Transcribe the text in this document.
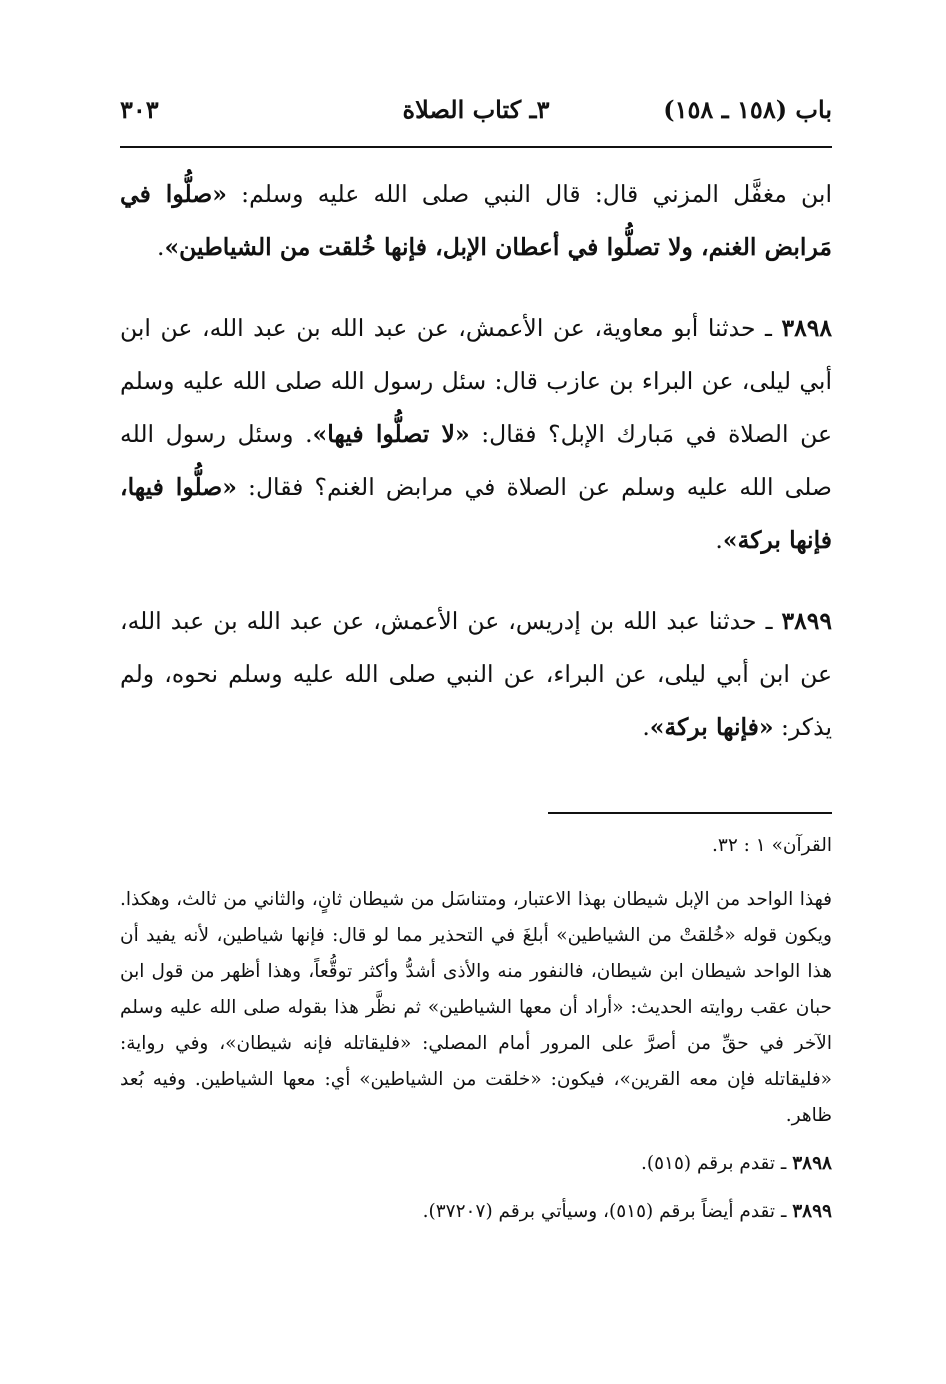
باب (١٥٨ ـ ١٥٨)
٣ـ كتاب الصلاة
٣٠٣

ابن مغفَّل المزني قال: قال النبي صلى الله عليه وسلم: «صلُّوا في مَرابض الغنم، ولا تصلُّوا في أعطان الإبل، فإنها خُلقت من الشياطين».

٣٨٩٨ ـ حدثنا أبو معاوية، عن الأعمش، عن عبد الله بن عبد الله، عن ابن أبي ليلى، عن البراء بن عازب قال: سئل رسول الله صلى الله عليه وسلم عن الصلاة في مَبارك الإبل؟ فقال: «لا تصلُّوا فيها». وسئل رسول الله صلى الله عليه وسلم عن الصلاة في مرابض الغنم؟ فقال: «صلُّوا فيها، فإنها بركة».

٣٨٩٩ ـ حدثنا عبد الله بن إدريس، عن الأعمش، عن عبد الله بن عبد الله، عن ابن أبي ليلى، عن البراء، عن النبي صلى الله عليه وسلم نحوه، ولم يذكر: «فإنها بركة».

القرآن» ١ : ٣٢.

فهذا الواحد من الإبل شيطان بهذا الاعتبار، ومتناسَل من شيطان ثانٍ، والثاني من ثالث، وهكذا. ويكون قوله «خُلقتْ من الشياطين» أبلغَ في التحذير مما لو قال: فإنها شياطين، لأنه يفيد أن هذا الواحد شيطان ابن شيطان، فالنفور منه والأذى أشدُّ وأكثر توقُّعاً، وهذا أظهر من قول ابن حبان عقب روايته الحديث: «أراد أن معها الشياطين» ثم نظَّر هذا بقوله صلى الله عليه وسلم الآخر في حقِّ من أصرَّ على المرور أمام المصلي: «فليقاتله فإنه شيطان»، وفي رواية: «فليقاتله فإن معه القرين»، فيكون: «خلقت من الشياطين» أي: معها الشياطين. وفيه بُعد ظاهر.

٣٨٩٨ ـ تقدم برقم (٥١٥).

٣٨٩٩ ـ تقدم أيضاً برقم (٥١٥)، وسيأتي برقم (٣٧٢٠٧).
